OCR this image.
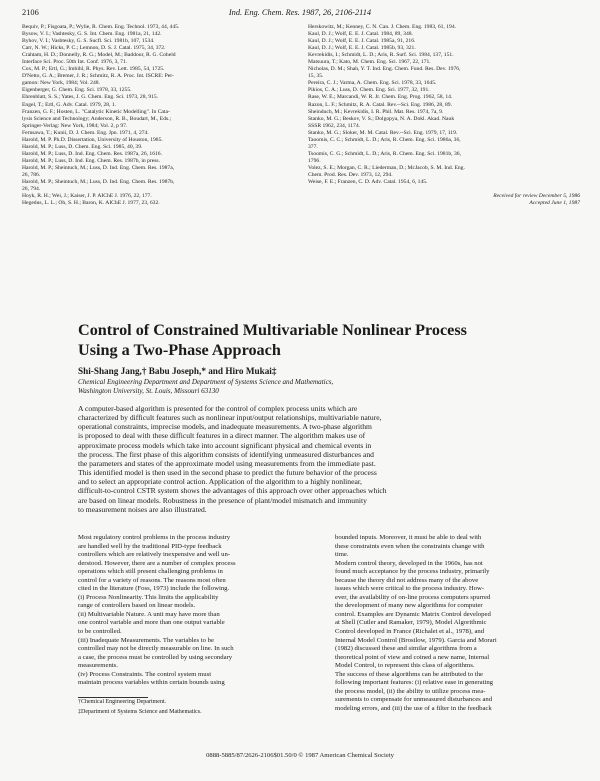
2106	Ind. Eng. Chem. Res. 1987, 26, 2106-2114
Bequiv, P.; Fisgoata, P.; Wylie, R. Chem. Eng. Technol. 1973, 44, 445.
Bysow, V. I.; Vashtesky, G. S. Int. Chem. Eng. 1981a, 21, 142.
Byhov, V. I.; Vasbtesky, G. S. Sucfl. Sci. 1981b, 107, 1534.
Carr, N. W.; Hicks, P. C.; Lemnon, D. S. J. Catal. 1975, 34, 372.
Crahtam, H. D.; Donnelly, R. G.; Model, M.; Baddour, R. G. Coheld
Interface Sci. Proc. 50th Int. Conf. 1976, 3, 71.
Cox, M. P.; Ertl, G.; Imbihl, R. Phys. Rev. Lett. 1985, 54, 1725.
D'Netto, G. A.; Bremer, J. R.; Schmitz, R. A. Proc. Int. ISCRE: Per-
gamon: New York, 1984; Vol. 248.
Eigenberger, G. Chem. Eng. Sci. 1978, 33, 1255.
Ehrenblatt, S. S.; Yates, J. G. Chem. Eng. Sci. 1973, 28, 915.
Engel, T.; Ertl, G. Adv. Catal. 1979, 28, 1.
Franzen, G. F.; Hosten, L. "Catalytic Kinetic Modelling". In Cata-
lysis Science and Technology; Anderson, R. B., Boudart, M., Eds.;
Springer-Verlag: New York, 1984; Vol. 2, p 97.
Fernsawa, T.; Kunii, D. J. Chem. Eng. Jpn. 1971, 4, 274.
Harold, M. P. Ph.D. Dissertation, University of Houston, 1985.
Harold, M. P.; Luss, D. Chem. Eng. Sci. 1985, 40, 39.
Harold, M. P.; Luss, D. Ind. Eng. Chem. Res. 1987a, 26, 1616.
Harold, M. P.; Luss, D. Ind. Eng. Chem. Res. 1987b, in press.
Harold, M. P.; Sheintuch, M.; Luss, D. Ind. Eng. Chem. Res. 1987a,
26, 786.
Harold, M. P.; Sheintuch, M.; Luss, D. Ind. Eng. Chem. Res. 1987b,
26, 794.
Hoyk, R. H.; Wei, J.; Kaiser, J. P. AIChE J. 1976, 22, 177.
Hegedus, L. L.; Oh, S. H.; Baron, K. AIChE J. 1977, 23, 632.
Herskowitz, M.; Kenney, C. N. Can. J. Chem. Eng. 1983, 61, 194.
Kaul, D. J.; Wolf, E. E. J. Catal. 1984, 89, 348.
Kaul, D. J.; Wolf, E. E. J. Catal. 1985a, 91, 216.
Kaul, D. J.; Wolf, E. E. J. Catal. 1985b, 93, 321.
Kevrekidis, I.; Schmidt, L. D.; Aris, R. Surf. Sci. 1984, 137, 151.
Matsuura, T.; Kato, M. Chem. Eng. Sci. 1967, 22, 171.
Nicholas, D. M.; Shah, Y. T. Ind. Eng. Chem. Fund. Res. Dev. 1976,
15, 35.
Pereira, C. J.; Varma, A. Chem. Eng. Sci. 1978, 33, 1645.
Pikios, C. A.; Luss, D. Chem. Eng. Sci. 1977, 32, 191.
Rase, W. E.; Marcandi, W. R. Jr. Chem. Eng. Prog. 1962, 58, 14.
Razon, L. F.; Schmitz, R. A. Catal. Rev.--Sci. Eng. 1986, 28, 89.
Sheinduch, M.; Kevrekidis, I. R. Phil. Mat. Res. 1974, 7a, 9.
Stanko, M. G.; Beskov, V. S.; Dolgopya, N. A. Dokl. Akad. Nauk
SSSR 1962, 234, 1174.
Stanko, M. G.; Sloker, M. M. Catal. Rev.--Sci. Eng. 1979, 17, 119.
Taoomis, C. C.; Schmidt, L. D.; Aris, R. Chem. Eng. Sci. 1986a, 36,
377.
Tsoomis, C. G.; Schmidt, L. D.; Aris, R. Chem. Eng. Sci. 1981b, 36,
1796.
Volez, S. E.; Morgan, C. R.; Liederman, D.; McJacob, S. M. Ind. Eng.
Chem. Prod. Res. Dev. 1973, 12, 294.
Weise, F. E.; Franzen, C. D. Adv. Catal. 1954, 6, 145.

Received for review December 5, 1986
Accepted June 1, 1987
Control of Constrained Multivariable Nonlinear Process
Using a Two-Phase Approach
Shi-Shang Jang,† Babu Joseph,* and Hiro Mukai‡
Chemical Engineering Department and Department of Systems Science and Mathematics,
Washington University, St. Louis, Missouri 63130
A computer-based algorithm is presented for the control of complex process units which are
characterized by difficult features such as nonlinear input/output relationships, multivariable nature,
operational constraints, imprecise models, and inadequate measurements. A two-phase algorithm
is proposed to deal with these difficult features in a direct manner. The algorithm makes use of
approximate process models which take into account significant physical and chemical events in
the process. The first phase of this algorithm consists of identifying unmeasured disturbances and
the parameters and states of the approximate model using measurements from the immediate past.
This identified model is then used in the second phase to predict the future behavior of the process
and to select an appropriate control action. Application of the algorithm to a highly nonlinear,
difficult-to-control CSTR system shows the advantages of this approach over other approaches which
are based on linear models. Robustness in the presence of plant/model mismatch and immunity
to measurement noises are also illustrated.
Most regulatory control problems in the process industry
are handled well by the traditional PID-type feedback
controllers which are relatively inexpensive and well un-
derstood. However, there are a number of complex process
operations which still present challenging problems in
control for a variety of reasons. The reasons most often
cited in the literature (Foss, 1973) include the following.
(i) Process Nonlinearity. This limits the applicability
range of controllers based on linear models.
(ii) Multivariable Nature. A unit may have more than
one control variable and more than one output variable
to be controlled.
(iii) Inadequate Measurements. The variables to be
controlled may not be directly measurable on line. In such
a case, the process must be controlled by using secondary
measurements.
(iv) Process Constraints. The control system must
maintain process variables within certain bounds using
bounded inputs. Moreover, it must be able to deal with
these constraints even when the constraints change with
time.
Modern control theory, developed in the 1960s, has not
found much acceptance by the process industry, primarily
because the theory did not address many of the above
issues which were critical to the process industry. How-
ever, the availability of on-line process computers spurred
the development of many new algorithms for computer
control. Examples are Dynamic Matrix Control developed
at Shell (Cutler and Ramaker, 1979), Model Algorithmic
Control developed in France (Richalet et al., 1978), and
Internal Model Control (Brosilow, 1979). Garcia and Morari
(1982) discussed these and similar algorithms from a
theoretical point of view and coined a new name, Internal
Model Control, to represent this class of algorithms.
The success of these algorithms can be attributed to the
following important features: (i) relative ease in generating
the process model, (ii) the ability to utilize process mea-
surements to compensate for unmeasured disturbances and
modeling errors, and (iii) the use of a filter in the feedback
†Chemical Engineering Department.
‡Department of Systems Science and Mathematics.
0888-5885/87/2626-2106$01.50/0 © 1987 American Chemical Society
